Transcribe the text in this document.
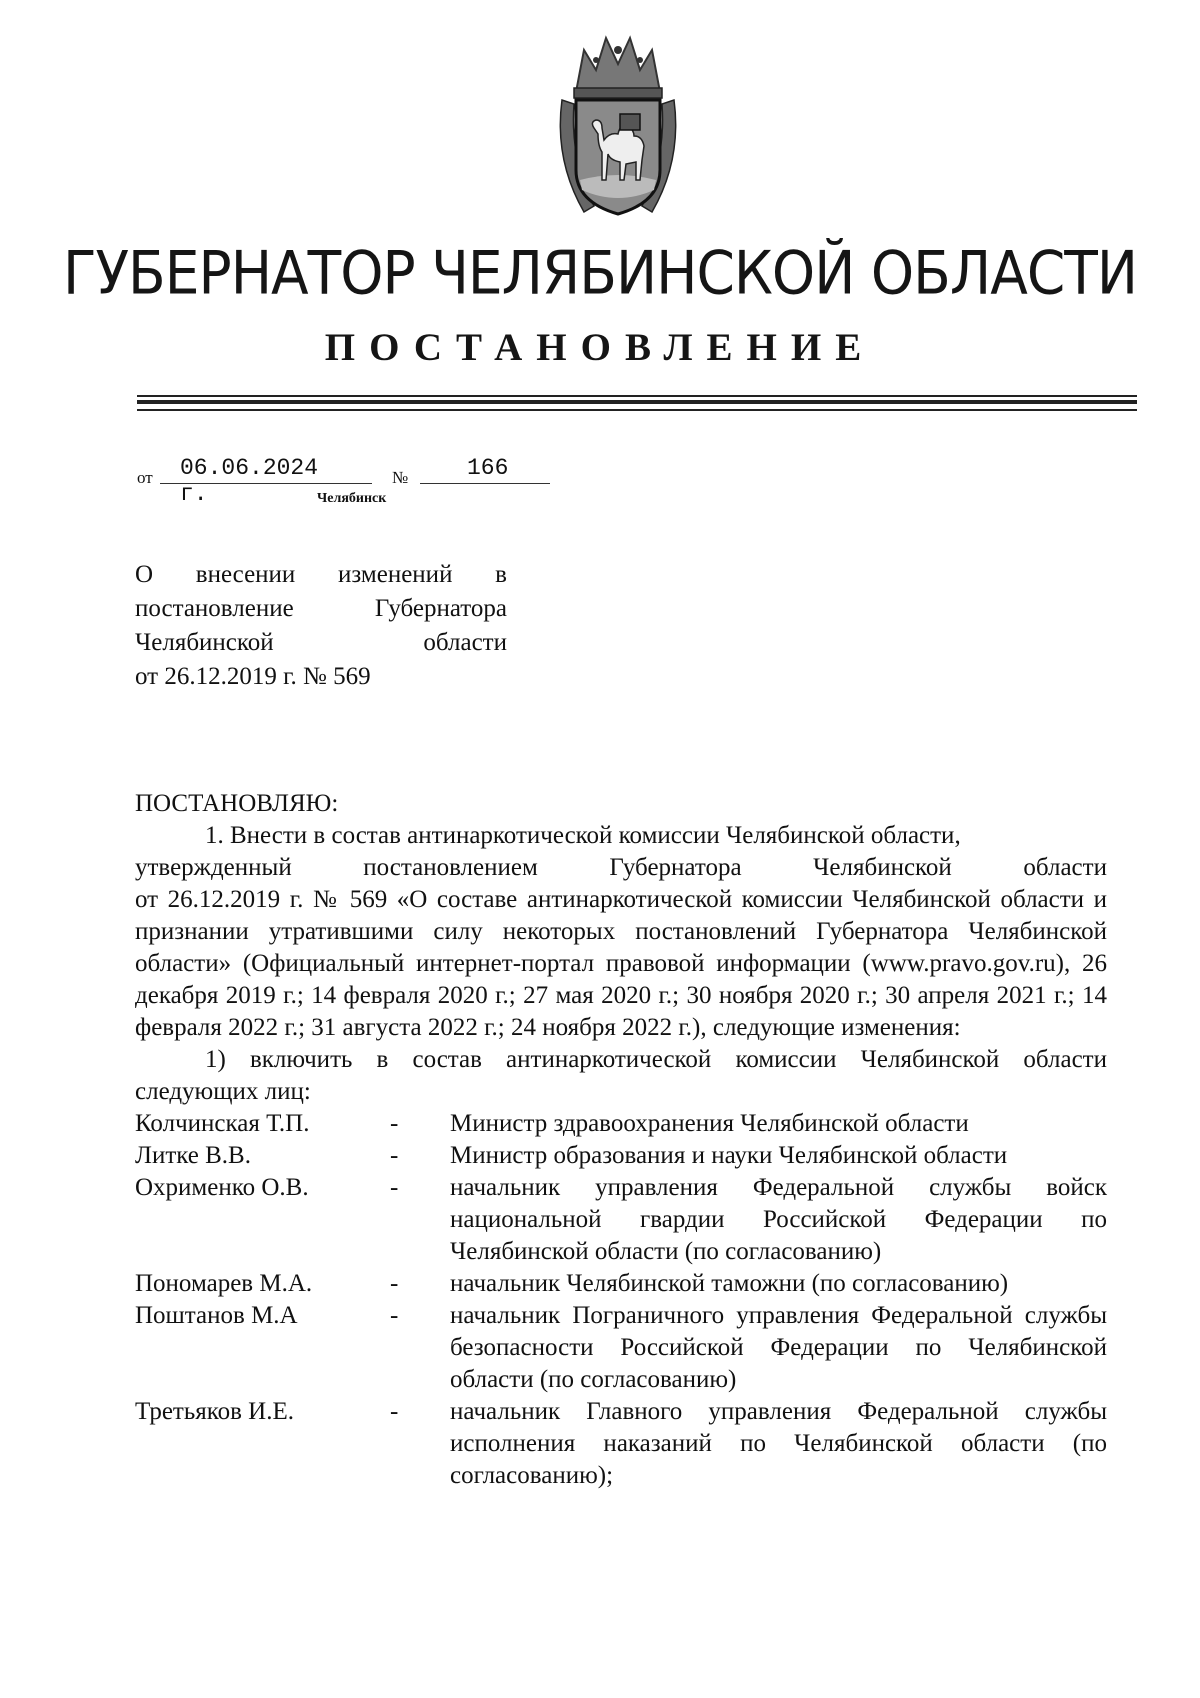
ГУБЕРНАТОР ЧЕЛЯБИНСКОЙ ОБЛАСТИ
ПОСТАНОВЛЕНИЕ
от 06.06.2024 г.
№	166
Челябинск
О внесении изменений в
постановление	Губернатора
Челябинской	области
от 26.12.2019 г. № 569
ПОСТАНОВЛЯЮ:
1. Внести в состав антинаркотической комиссии Челябинской области,
утвержденный	постановлением	Губернатора	Челябинской	области
от 26.12.2019 г. № 569 «О составе антинаркотической комиссии Челябинской области и признании утратившими силу некоторых постановлений Губернатора Челябинской области» (Официальный интернет-портал правовой информации (www.pravo.gov.ru), 26 декабря 2019 г.; 14 февраля 2020 г.; 27 мая 2020 г.; 30 ноября 2020 г.; 30 апреля 2021 г.; 14 февраля 2022 г.; 31 августа 2022 г.; 24 ноября 2022 г.), следующие изменения:
1) включить в состав антинаркотической комиссии Челябинской области следующих лиц:
Колчинская Т.П.	-	Министр здравоохранения Челябинской области
Литке В.В.	-	Министр образования и науки Челябинской области
Охрименко О.В.	-	начальник управления Федеральной службы войск национальной гвардии Российской Федерации по Челябинской области (по согласованию)
Пономарев М.А.	-	начальник Челябинской таможни (по согласованию)
Поштанов М.А	-	начальник Пограничного управления Федеральной службы безопасности Российской Федерации по Челябинской области (по согласованию)
Третьяков И.Е.	-	начальник Главного управления Федеральной службы исполнения наказаний по Челябинской области (по согласованию);
